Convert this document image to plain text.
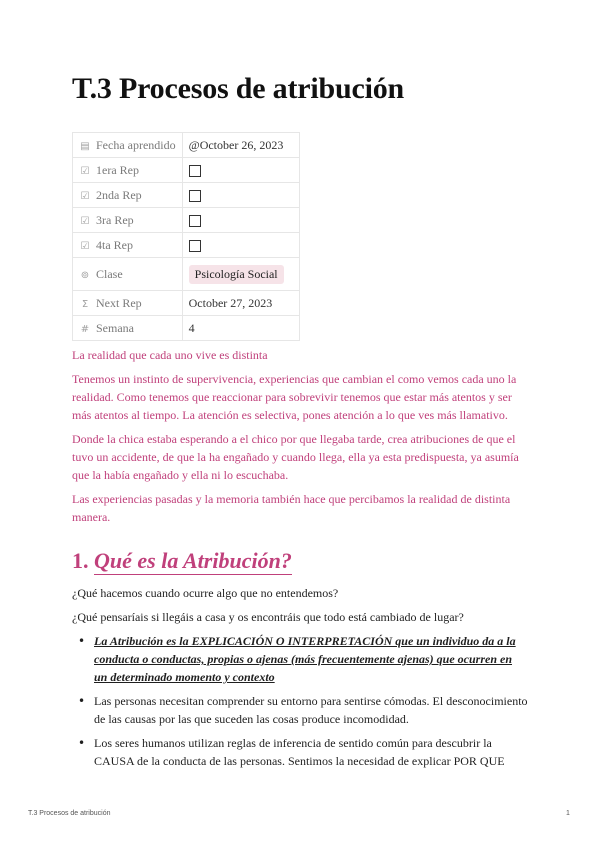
T.3 Procesos de atribución
▤ Fecha aprendido	@October 26, 2023
☑ 1era Rep	
☑ 2nda Rep	
☑ 3ra Rep	
☑ 4ta Rep	
⊚ Clase	Psicología Social
Σ Next Rep	October 27, 2023
# Semana	4

La realidad que cada uno vive es distinta

Tenemos un instinto de supervivencia, experiencias que cambian el como vemos cada uno la realidad. Como tenemos que reaccionar para sobrevivir tenemos que estar más atentos y ser más atentos al tiempo. La atención es selectiva, pones atención a lo que ves más llamativo.

Donde la chica estaba esperando a el chico por que llegaba tarde, crea atribuciones de que el tuvo un accidente, de que la ha engañado y cuando llega, ella ya esta predispuesta, ya asumía que la había engañado y ella ni lo escuchaba.

Las experiencias pasadas y la memoria también hace que percibamos la realidad de distinta manera.

1. Qué es la Atribución?

¿Qué hacemos cuando ocurre algo que no entendemos?

¿Qué pensaríais si llegáis a casa y os encontráis que todo está cambiado de lugar?

• La Atribución es la EXPLICACIÓN O INTERPRETACIÓN que un individuo da a la conducta o conductas, propias o ajenas (más frecuentemente ajenas) que ocurren en un determinado momento y contexto
• Las personas necesitan comprender su entorno para sentirse cómodas. El desconocimiento de las causas por las que suceden las cosas produce incomodidad.
• Los seres humanos utilizan reglas de inferencia de sentido común para descubrir la CAUSA de la conducta de las personas. Sentimos la necesidad de explicar POR QUE
T.3 Procesos de atribución	1
